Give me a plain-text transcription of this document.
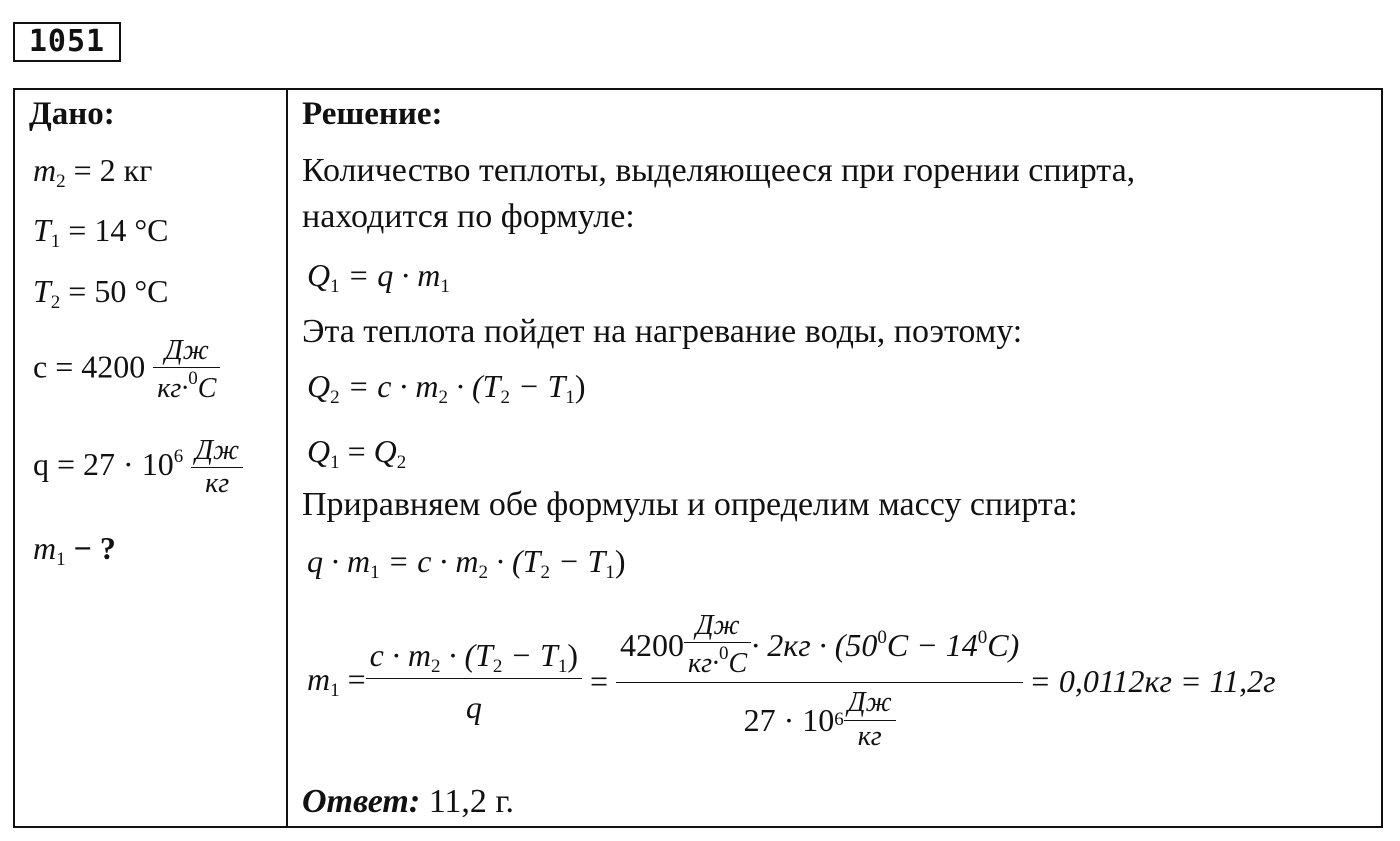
1051
Дано:
$m_2 = 2$ кг
$T_1 = 14$ °C
$T_2 = 50$ °C
$c = 4200 \frac{Дж}{кг\cdot^0C}$
$q = 27 \cdot 10^6 \frac{Дж}{кг}$
$m_1$ − ?
Решение:
Количество теплоты, выделяющееся при горении спирта,
находится по формуле:
$Q_1 = q \cdot m_1$
Эта теплота пойдет на нагревание воды, поэтому:
$Q_2 = c \cdot m_2 \cdot (T_2 - T_1)$
$Q_1 = Q_2$
Приравняем обе формулы и определим массу спирта:
$q \cdot m_1 = c \cdot m_2 \cdot (T_2 - T_1)$
$m_1 = \frac{c \cdot m_2 \cdot (T_2 - T_1)}{q}$ =
$4200 \frac{Дж}{кг\cdot^0C} \cdot 2кг \cdot (50^0C - 14^0C)$
27 · 10 $6 \frac{Дж}{кг}$
= 0,0112кг = 11,2г
Ответ: 11,2 г.
